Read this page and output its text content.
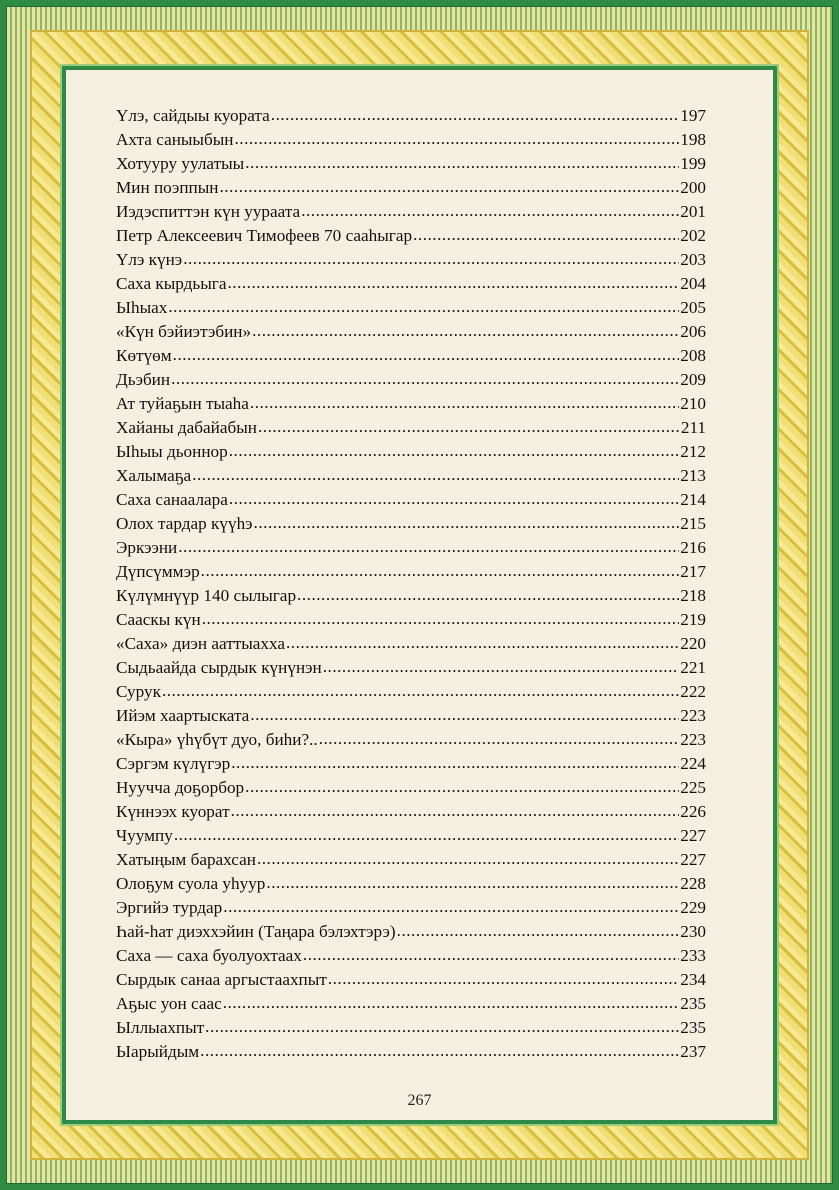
Үлэ, сайдыы куората .....	197
Ахта саныыбын .....	198
Хотууру уулатыы .....	199
Мин поэппын .....	200
Иэдэспиттэн күн уураата .....	201
Петр Алексеевич Тимофеев 70 сааһыгар .....	202
Үлэ күнэ .....	203
Саха кырдьыга .....	204
Ыһыах .....	205
«Күн бэйиэтэбин» .....	206
Көтүөм .....	208
Дьэбин .....	209
Ат туйаҕын тыаһа .....	210
Хайаны дабайабын .....	211
Ыһыы дьоннор .....	212
Халымаҕа .....	213
Саха санаалара .....	214
Олох тардар күүһэ .....	215
Эркээни .....	216
Дүпсүммэр .....	217
Күлүмнүүр 140 сылыгар .....	218
Сааскы күн .....	219
«Саха» диэн ааттыахха .....	220
Сыдьаайда сырдык күнүнэн .....	221
Сурук .....	222
Ийэм хаартыската .....	223
«Кыра» үһүбүт дуо, биһи?.. .....	223
Сэргэм күлүгэр .....	224
Нуучча доҕорбор .....	225
Күннээх куорат .....	226
Чуумпу .....	227
Хатыңым барахсан .....	227
Олоҕум суола уһуур .....	228
Эргийэ турдар .....	229
Һай-һат диэххэйин (Таңара бэлэхтэрэ) .....	230
Саха — саха буолуохтаах .....	233
Сырдык санаа аргыстаахпыт .....	234
Аҕыс уон саас .....	235
Ыллыахпыт .....	235
Ыарыйдым .....	237
267
